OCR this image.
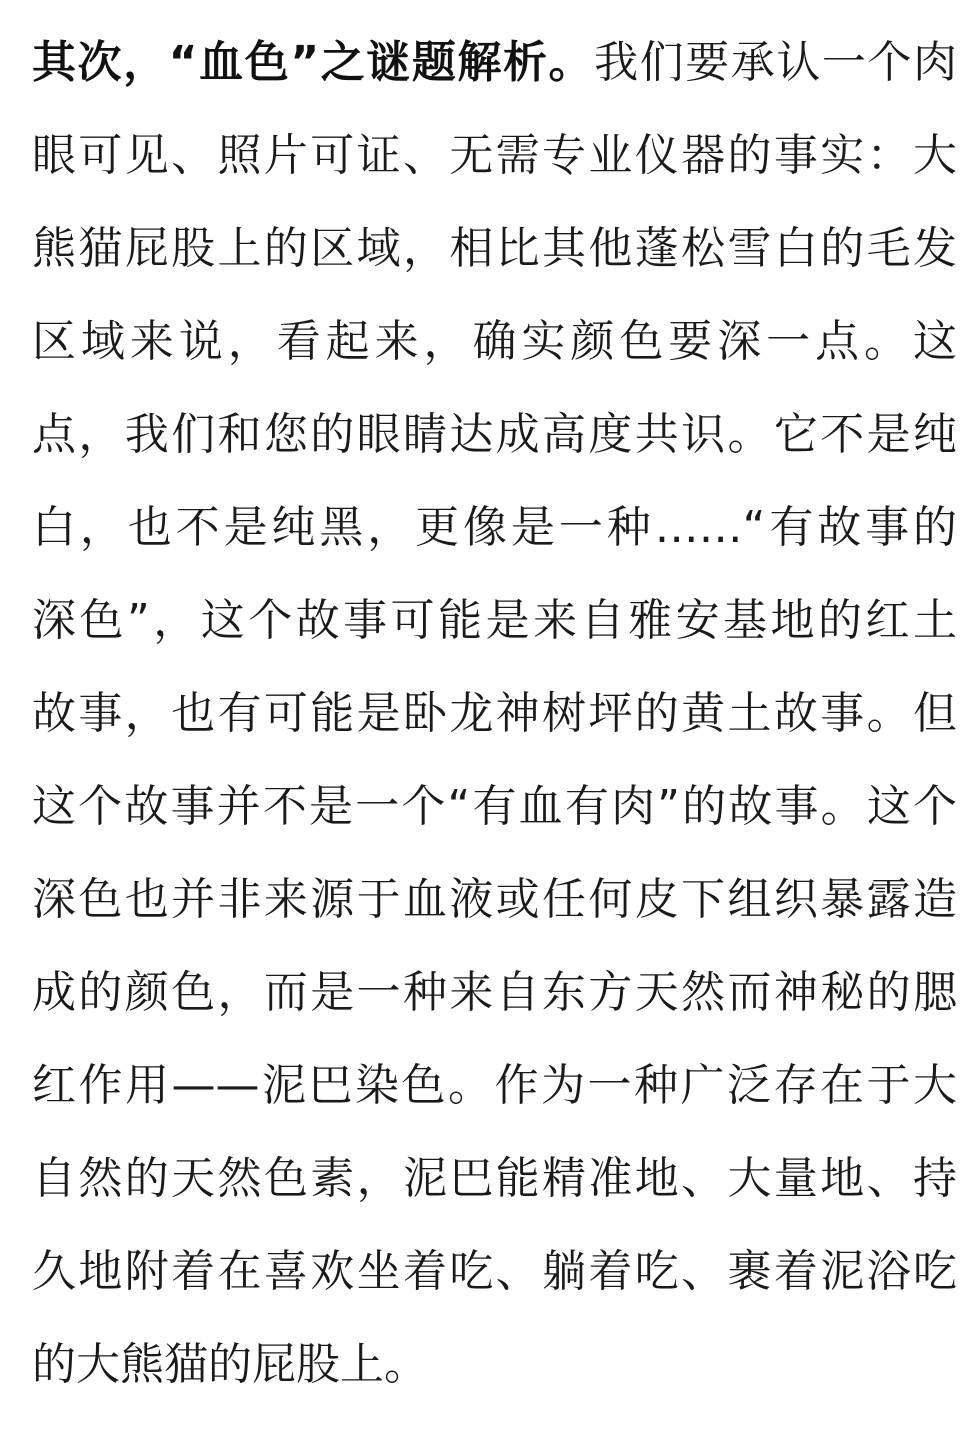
其次，“血色”之谜题解析。我们要承认一个肉
眼可见、照片可证、无需专业仪器的事实：大
熊猫屁股上的区域，相比其他蓬松雪白的毛发
区域来说，看起来，确实颜色要深一点。这
点，我们和您的眼睛达成高度共识。它不是纯
白，也不是纯黑，更像是一种……“有故事的
深色”，这个故事可能是来自雅安基地的红土
故事，也有可能是卧龙神树坪的黄土故事。但
这个故事并不是一个“有血有肉”的故事。这个
深色也并非来源于血液或任何皮下组织暴露造
成的颜色，而是一种来自东方天然而神秘的腮
红作用——泥巴染色。作为一种广泛存在于大
自然的天然色素，泥巴能精准地、大量地、持
久地附着在喜欢坐着吃、躺着吃、裹着泥浴吃
的大熊猫的屁股上。
